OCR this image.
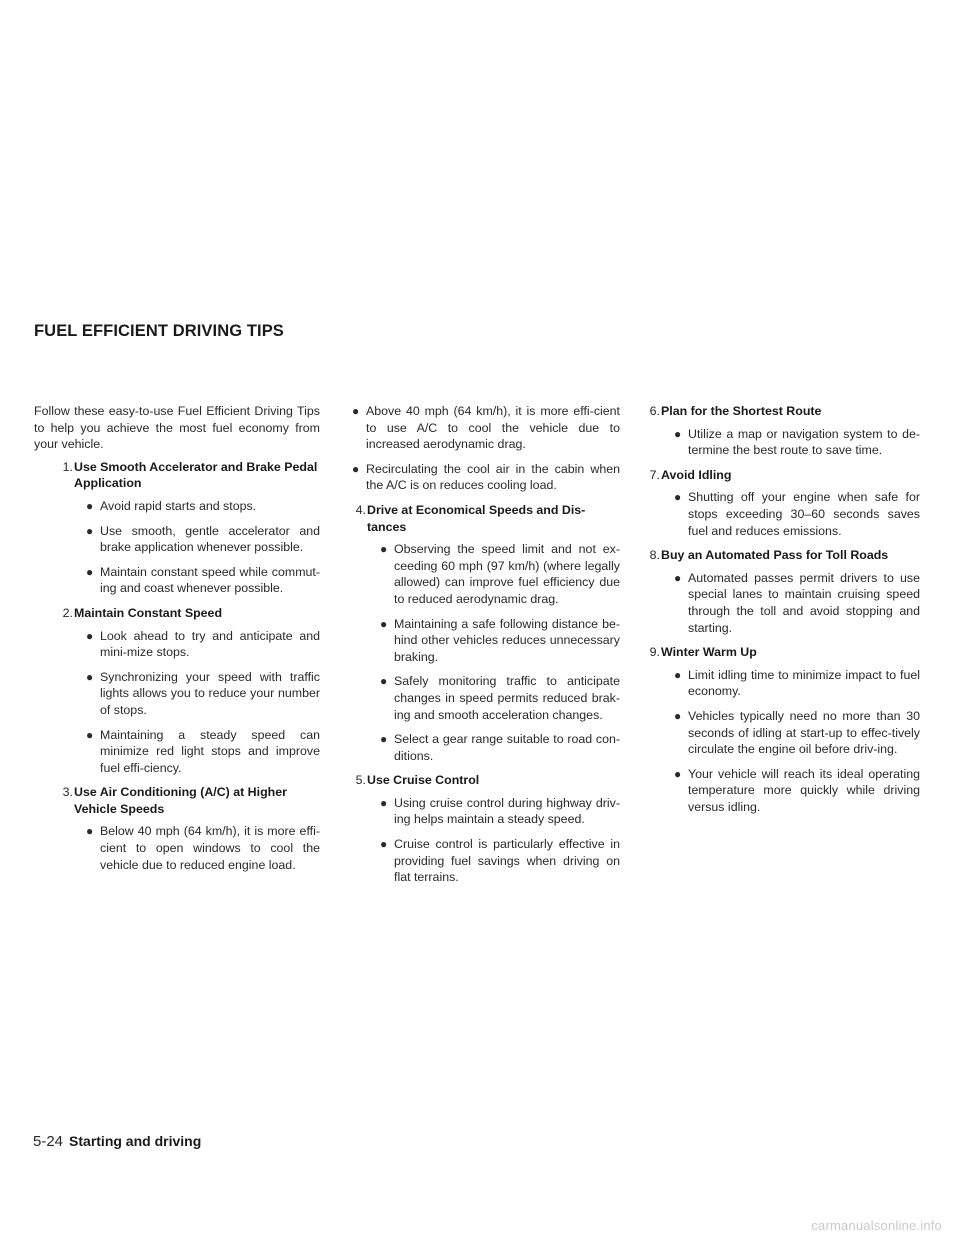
FUEL EFFICIENT DRIVING TIPS

Follow these easy-to-use Fuel Efficient Driving Tips to help you achieve the most fuel economy from your vehicle.

1. Use Smooth Accelerator and Brake Pedal Application
● Avoid rapid starts and stops.
● Use smooth, gentle accelerator and brake application whenever possible.
● Maintain constant speed while commut-ing and coast whenever possible.
2. Maintain Constant Speed
● Look ahead to try and anticipate and mini-mize stops.
● Synchronizing your speed with traffic lights allows you to reduce your number of stops.
● Maintaining a steady speed can minimize red light stops and improve fuel effi-ciency.
3. Use Air Conditioning (A/C) at Higher Vehicle Speeds
● Below 40 mph (64 km/h), it is more effi-cient to open windows to cool the vehicle due to reduced engine load.
● Above 40 mph (64 km/h), it is more effi-cient to use A/C to cool the vehicle due to increased aerodynamic drag.
● Recirculating the cool air in the cabin when the A/C is on reduces cooling load.
4. Drive at Economical Speeds and Dis-tances
● Observing the speed limit and not ex-ceeding 60 mph (97 km/h) (where legally allowed) can improve fuel efficiency due to reduced aerodynamic drag.
● Maintaining a safe following distance be-hind other vehicles reduces unnecessary braking.
● Safely monitoring traffic to anticipate changes in speed permits reduced brak-ing and smooth acceleration changes.
● Select a gear range suitable to road con-ditions.
5. Use Cruise Control
● Using cruise control during highway driv-ing helps maintain a steady speed.
● Cruise control is particularly effective in providing fuel savings when driving on flat terrains.
6. Plan for the Shortest Route
● Utilize a map or navigation system to de-termine the best route to save time.
7. Avoid Idling
● Shutting off your engine when safe for stops exceeding 30–60 seconds saves fuel and reduces emissions.
8. Buy an Automated Pass for Toll Roads
● Automated passes permit drivers to use special lanes to maintain cruising speed through the toll and avoid stopping and starting.
9. Winter Warm Up
● Limit idling time to minimize impact to fuel economy.
● Vehicles typically need no more than 30 seconds of idling at start-up to effec-tively circulate the engine oil before driv-ing.
● Your vehicle will reach its ideal operating temperature more quickly while driving versus idling.
5-24 Starting and driving
carmanualsonline.info
